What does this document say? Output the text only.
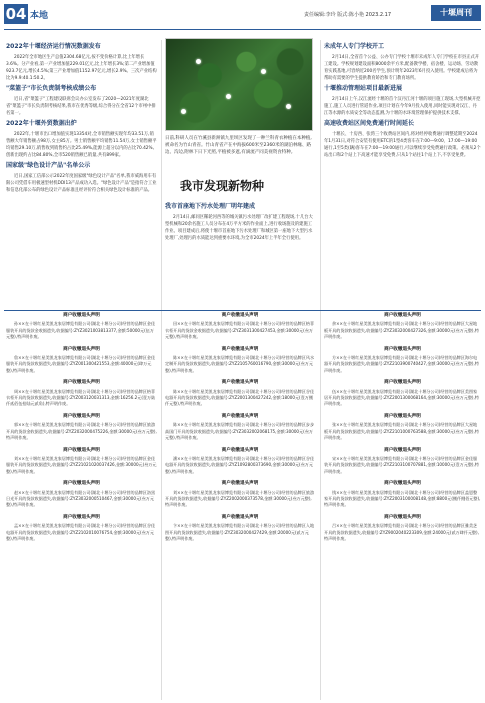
04 本地	责任编辑:李玲 版式:陈小艳 2023.2.17	十堰周刊
2022年十堰经济运行情况数据发布

2022年全市地区生产总值2304.68亿元,按不变价格计算,比上年增长3.6%。分产业看,第一产业增加值229.01亿元,比上年增长3%;第二产业增加值923.7亿元,增长4.5%;第三产业增加值1152.97亿元,增长2.9%。三次产业结构比为9.9:40.1:50.2。

"菜篮子"市长负责制考核成绩公布

近日,省"菜篮子"工程建设联席会议办公室发布了2020—2021年度湖北省"菜篮子"市长负责制考核结果,我市在优秀等级,综合得分在全省12个市州中排名第一。

2022年十堰外贸数据出炉

2022年,十堰市出口增加值实现13354对,全市销售额实现年均33.51万,销售额大年销售额占98万,女主85万。男士销售额平均销售11.54万,女士销售额平均销售29.10万,销售收到销售约占比25.49%,能源上超分以内的占比70.42%,创新出现约占比84.80%,全市520销售额已销量,共有899家。

国家级"绿色设计产品"名单公示

近日,国家工信部公示2022年度国家级"绿色设计产品"名单,我市威海用车有限公司凭借车用极速型材机DDI13产品成功入选。"绿色设计产品"是指符合工业和信息化部公布的绿色设计产品标准且经评价符合相关绿色设计标准的产品。

日前,科研人员在竹溪县新洲镇九里坝区发现了一种兰科青衣种植在本种植,被命名为竹山青省。竹山青省产在中海拔600米至2360米的湖泊林缘、路边、沟边,附林下日下光照,平植被多遮,有滴流产同美视资食特种。
我市发现新物种
我市首座地下污水处理厂明年建成

2月14日,邮同区稀轮河西等的城关镇污水处理厂改扩建工程现场,十几台大型机械和20余名施工人员分布在4万平方米的作业面上,进行收场施及的建施工作业。项目建成后,将使十堰市首座地下污水处理厂和城区第一座地下大型污水处理厂,处理污的水质能达到重要水环境,为全市2024年上半年全行使用。

未成年人专门学校开工

2月14日,全省首个公益、公办专门学校十堰市未成年人专门学校在市县正式开工建设。学校规划建设面积8000余平方米,配备教学楼、宿舍楼、运动场、劳动教育实践基地,可容纳近200名学生,预计明年2023年6月投入使用。学校建成后将为帮助有需要的学生提供教育矫治和专门教育场所。

十堰推动管理站项目最新进展

2月14日上午,汉江流经十堰的首个汉丹江河十堰的项目施工现场,大型机械开挖施工,施工人员进行管道作业,项目计划在今年9月投入使用,同时能实现对汉江、丹江等水源的水质安全等动态监测,为十堰的水环境管理保护提供技术支撑。

高速收费站区间免费通行时间延长

十堰长、十房西、张湾三个收费站区间内,将对经停收费通行调整延期至2024年1月31日,对符合安装有使用ETC的1型4类客车在7:00—9:00、17:00—19:00通行,1至5类(辆)客车在7:00—19:00通行,可以继续享受免费通行政策。必须从2个站出口和2个站上下高速才能享受免费,只从1个站往1个站上下,不享受免费。

商户收缴退头声明

孙××在十堰红星美凯龙家居博览有限公司(湖北十堰分公司)经营的品牌区金佳服装开具的货款金收据遗失,收据编号:ZYZ3021003813377,金额:50000元(伍万元整),特声明作废。

商户收缴退头声明

詹××在十堰红星美凯龙家居博览有限公司(湖北十堰分公司)经营的品牌区金佳服装开具的货款收据遗失,收据编号:ZYZ001300421553,金额:40000元(肆万元整),特声明作废。

商户收缴退头声明

周××在十堰红星美凯龙家居博览有限公司(湖北十堰分公司)经营的品牌区格菲衣柜开具的货款收据遗失,收据编号:ZYZ003120031313,金额:16256.2元(壹万陆仟贰佰伍拾陆元贰角),特声明作废。

商户收缴退头声明

郭××在十堰红星美凯龙家居博览有限公司(湖北十堰分公司)经营的品牌区旅游开具的货款金收据遗失,收据编号:ZYZ2032000475226,金额:30000元(叁万元整),特声明作废。

商户收缴退头声明

刘××在十堰红星美凯龙家居博览有限公司(湖北十堰分公司)经营的品牌区金佳服装开具的货款收据遗失,收据编号:ZYZ21021020037426,金额:30000元(叁万元整),特声明作废。

商户收缴退头声明

赵××在十堰红星美凯龙家居博览有限公司(湖北十堰分公司)经营的品牌区洛黑日光开具的货款收据遗失,收据编号:ZYZ3032000510467,金额:30000元(叁万元整),特声明作废。

商户收缴退头声明

孟××在十堰红星美凯龙家居博览有限公司(湖北十堰分公司)经营的品牌区谷佳电器开具的货款收据遗失,收据编号:ZYZ2102010076754,金额:30000元(叁万元整),特声明作废。

商户收缴退头声明

田××在十堰红星美凯龙家居博览有限公司(湖北十堰分公司)经营的品牌区格菲衣柜开具的货款金收据遗失,收据编号:ZYZ3031300427453,金额:30000元(叁万元整),特声明作废。

商户收缴退头声明

陈××在十堰红星美凯龙家居博览有限公司(湖北十堰分公司)经营的品牌区风水定制开具的货款收据遗失,收据编号:ZYZ2105760016790,金额:30000元(叁万元整),特声明作废。

商户收缴退头声明

陈××在十堰红星美凯龙家居博览有限公司(湖北十堰分公司)经营的品牌区谷佳电器开具的货款收据遗失,收据编号:ZYZ2001300427242,金额:18000元(壹万捌仟元整),特声明作废。

商户收缴退头声明

陈××在十堰红星美凯龙家居博览有限公司(湖北十堰分公司)经营的品牌区步步高国门开具的货款收据遗失,收据编号:ZYZ3032002068175,金额:30000元(叁万元整),特声明作废。

商户收缴退头声明

潘××在十堰红星美凯龙家居博览有限公司(湖北十堰分公司)经营的品牌区谷佳电器开具的货款收据遗失,收据编号:ZYZ1092800373690,金额:30000元(叁万元整),特声明作废。

商户收缴退头声明

刘××在十堰红星美凯龙家居博览有限公司(湖北十堰分公司)经营的品牌区旅游开具的货款收据遗失,收据编号:ZYZ2002000373578,金额:30000元(叁万元整),特声明作废。

商户收缴退头声明

卞××在十堰红星美凯龙家居博览有限公司(湖北十堰分公司)经营的品牌区入地图开具的货款收据遗失,收据编号:ZYZ3032000427429,金额:20000元(贰万元整),特声明作废。

商户收缴退头声明

余××在十堰红星美凯龙家居博览有限公司(湖北十堰分公司)经营的品牌区大星地板开具的货款收据遗失,收据编号:ZYZ3032000427326,金额:30000元(叁万元整),特声明作废。

商户收缴退头声明

方××在十堰红星美凯龙家居博览有限公司(湖北十堰分公司)经营的品牌区海尔电器开具的货款收据遗失,收据编号:ZYZ2103900740427,金额:30000元(叁万元整),特声明作废。

商户收缴退头声明

伍××在十堰红星美凯龙家居博览有限公司(湖北十堰分公司)经营的品牌区美图家居开具的货款收据遗失,收据编号:ZYZ2001300068164,金额:30000元(叁万元整),特声明作废。

商户收缴退头声明

张××在十堰红星美凯龙家居博览有限公司(湖北十堰分公司)经营的品牌区大星地板开具的货款收据遗失,收据编号:ZYZ2101000763588,金额:30000元(叁万元整),特声明作废。

商户收缴退头声明

宋××在十堰红星美凯龙家居博览有限公司(湖北十堰分公司)经营的品牌区金佳服装开具的货款收据遗失,收据编号:ZYZ2103100707881,金额:10000元(壹万元整),特声明作废。

商户收缴退头声明

钱××在十堰红星美凯龙家居博览有限公司(湖北十堰分公司)经营的品牌区盖恩整家开具的货款收据遗失,收据编号:ZYZ2003100008148,金额:8800元(捌仟捌佰元整),特声明作废。

商户收缴退头声明

吕××在十堰红星美凯龙家居博览有限公司(湖北十堰分公司)经营的品牌区雅美芝开具的货款收据遗失,收据编号:ZYZ9002040223309,金额:24000元(贰万肆仟元整),特声明作废。
